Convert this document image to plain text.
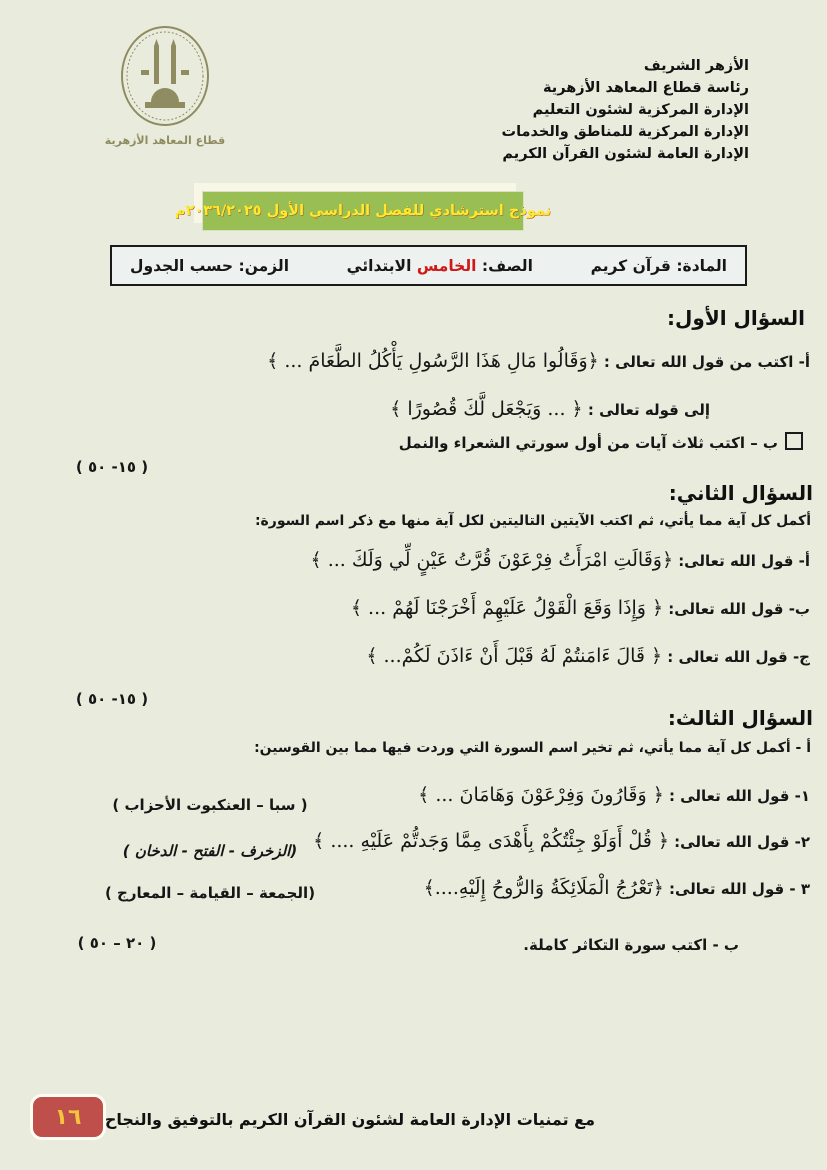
الأزهر الشريف
رئاسة قطاع المعاهد الأزهرية
الإدارة المركزية لشئون التعليم
الإدارة المركزية للمناطق والخدمات
الإدارة العامة لشئون القرآن الكريم
قطاع المعاهد الأزهرية
نموذج استرشادي للفصل الدراسي الأول ٢٠٣٦/٢٠٢٥م
المادة: قرآن كريم
الصف: الخامس الابتدائي
الزمن: حسب الجدول
السؤال الأول:
أ- اكتب من قول الله تعالى : ﴿وَقَالُوا مَالِ هَذَا الرَّسُولِ يَأْكُلُ الطَّعَامَ ... ﴾
إلى قوله تعالى : ﴿ ... وَيَجْعَل لَّكَ قُصُورًا ﴾
ب – اكتب ثلاث آيات من أول سورتي الشعراء والنمل
( ١٥- ٥٠ )
السؤال الثاني:
أكمل كل آية مما يأتي، ثم اكتب الآيتين التاليتين لكل آية منها مع ذكر اسم السورة:
أ- قول الله تعالى: ﴿وَقَالَتِ امْرَأَتُ فِرْعَوْنَ قُرَّتُ عَيْنٍ لِّي وَلَكَ ... ﴾
ب- قول الله تعالى: ﴿ وَإِذَا وَقَعَ الْقَوْلُ عَلَيْهِمْ أَخْرَجْنَا لَهُمْ ... ﴾
ج- قول الله تعالى : ﴿ قَالَ ءَامَنتُمْ لَهُ قَبْلَ أَنْ ءَاذَنَ لَكُمْ... ﴾
( ١٥- ٥٠ )
السؤال الثالث:
أ - أكمل كل آية مما يأتي، ثم تخير اسم السورة التي وردت فيها مما بين القوسين:
١- قول الله تعالى : ﴿ وَقَارُونَ وَفِرْعَوْنَ وَهَامَانَ ... ﴾
( سبا – العنكبوت الأحزاب )
٢- قول الله تعالى: ﴿ قُلْ أَوَلَوْ جِئْتُكُمْ بِأَهْدَى مِمَّا وَجَدتُّمْ عَلَيْهِ .... ﴾
(الزخرف - الفتح - الدخان )
٣ - قول الله تعالى: ﴿تَعْرُجُ الْمَلَائِكَةُ وَالرُّوحُ إِلَيْهِ....﴾
(الجمعة – القيامة – المعارج )
ب - اكتب سورة التكاثر كاملة.
( ٢٠ – ٥٠ )
١٦ مع تمنيات الإدارة العامة لشئون القرآن الكريم بالتوفيق والنجاح
